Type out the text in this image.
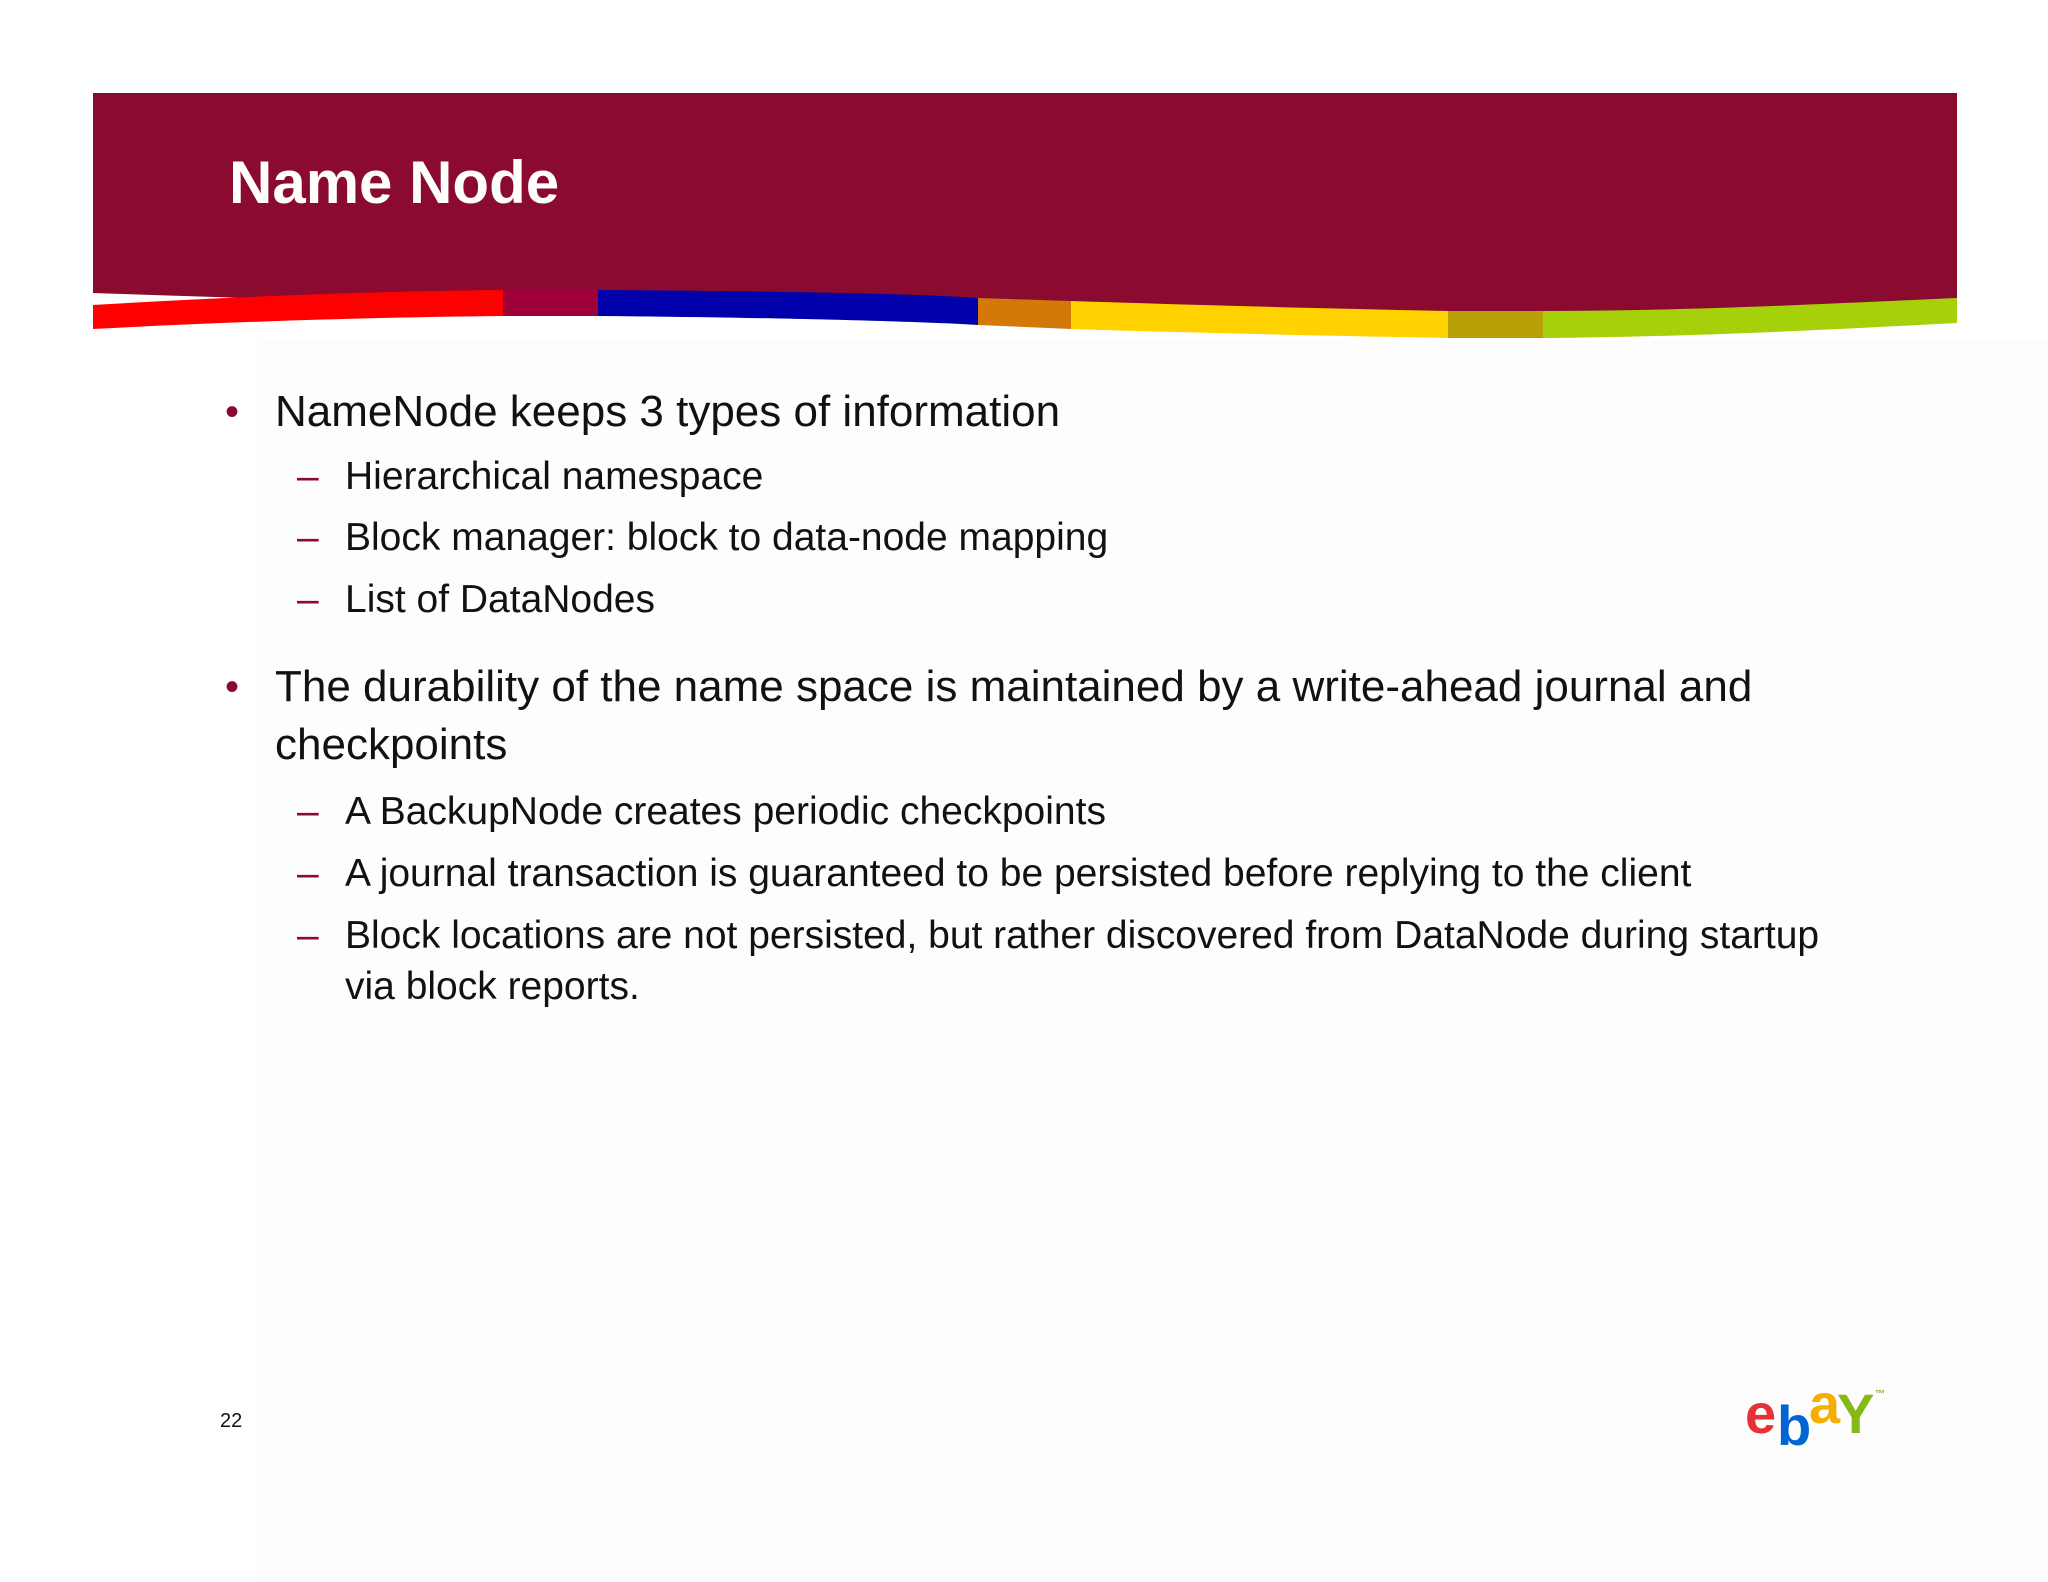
Name Node
• NameNode keeps 3 types of information
– Hierarchical namespace
– Block manager: block to data-node mapping
– List of DataNodes
• The durability of the name space is maintained by a write-ahead journal and checkpoints
– A BackupNode creates periodic checkpoints
– A journal transaction is guaranteed to be persisted before replying to the client
– Block locations are not persisted, but rather discovered from DataNode during startup via block reports.
22	e b
a
Y ™
